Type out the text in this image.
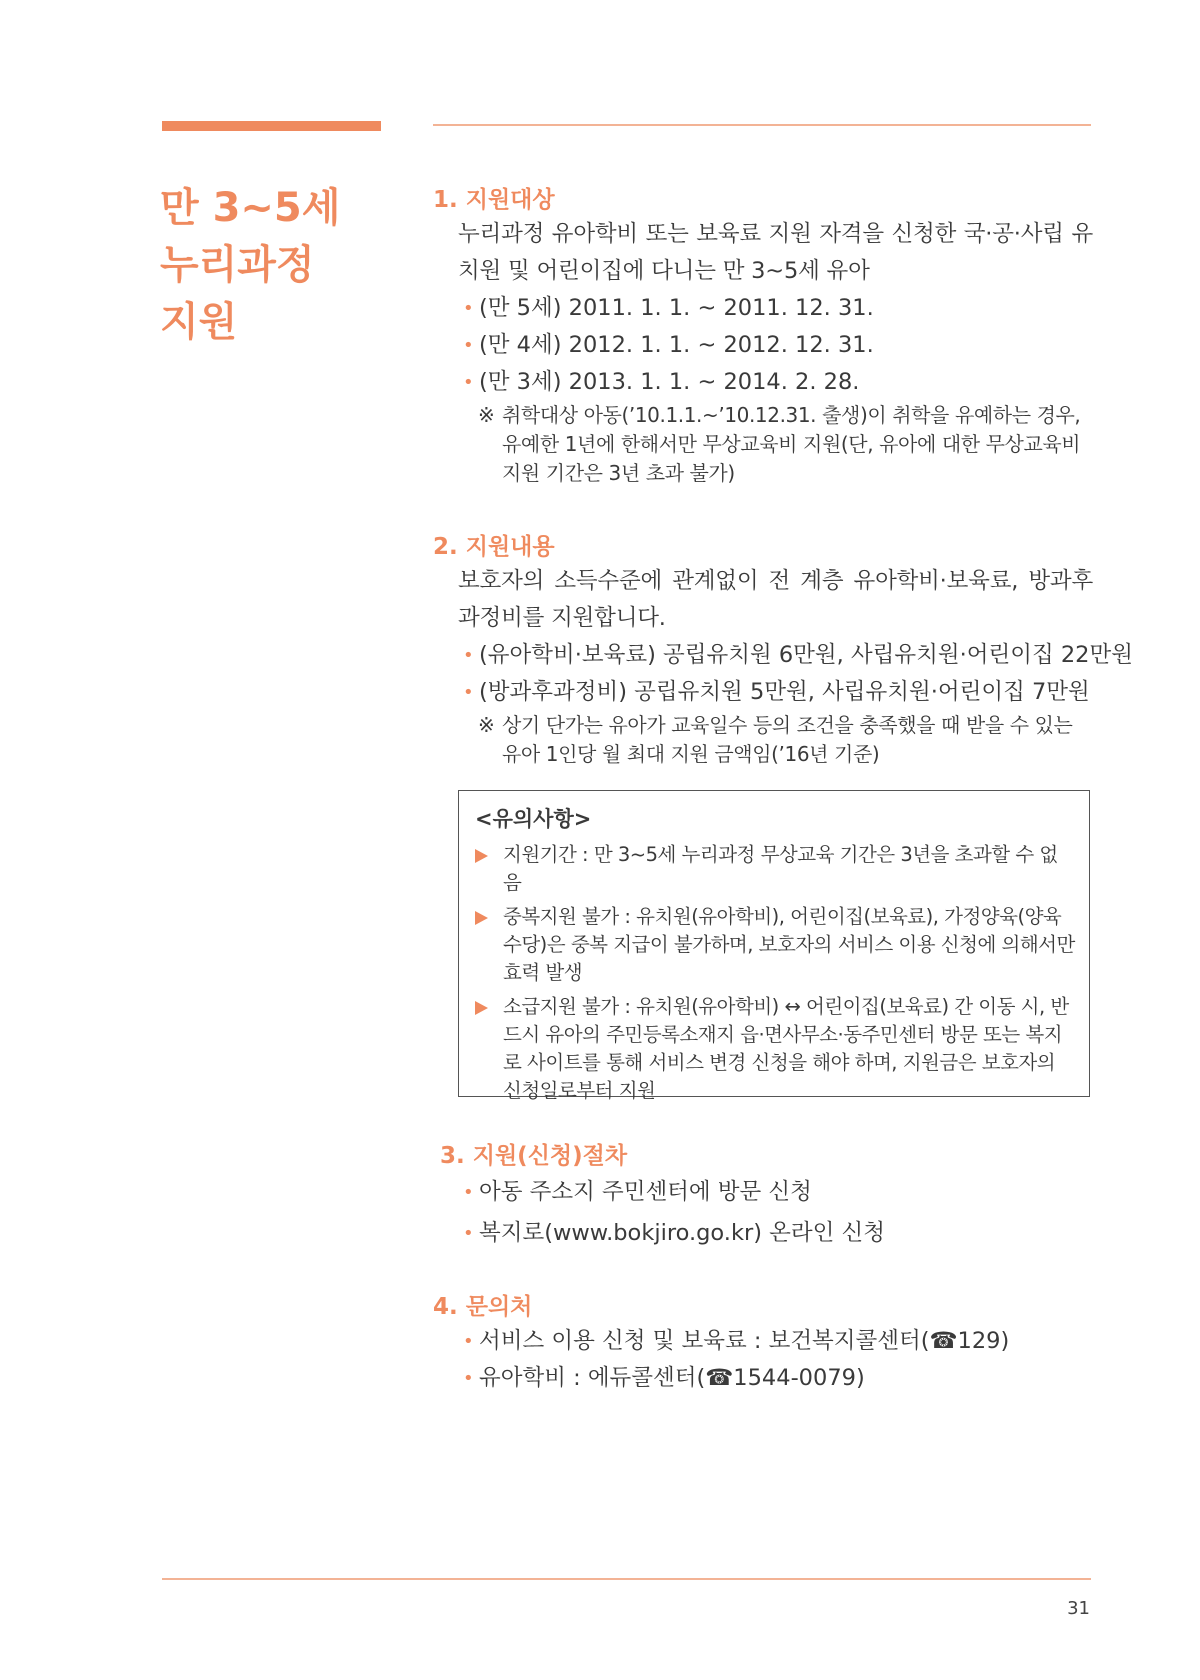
만 3~5세
누리과정
지원
1. 지원대상
누리과정 유아학비 또는 보육료 지원 자격을 신청한 국·공·사립 유치원 및 어린이집에 다니는 만 3~5세 유아
• (만 5세) 2011. 1. 1. ~ 2011. 12. 31.
• (만 4세) 2012. 1. 1. ~ 2012. 12. 31.
• (만 3세) 2013. 1. 1. ~ 2014. 2. 28.
※ 취학대상 아동(’10.1.1.~’10.12.31. 출생)이 취학을 유예하는 경우, 유예한 1년에 한해서만 무상교육비 지원(단, 유아에 대한 무상교육비 지원 기간은 3년 초과 불가)
2. 지원내용
보호자의 소득수준에 관계없이 전 계층 유아학비·보육료, 방과후 과정비를 지원합니다.
• (유아학비·보육료) 공립유치원 6만원, 사립유치원·어린이집 22만원
• (방과후과정비) 공립유치원 5만원, 사립유치원·어린이집 7만원
※ 상기 단가는 유아가 교육일수 등의 조건을 충족했을 때 받을 수 있는 유아 1인당 월 최대 지원 금액임(’16년 기준)
<유의사항>
지원기간 : 만 3~5세 누리과정 무상교육 기간은 3년을 초과할 수 없음
중복지원 불가 : 유치원(유아학비), 어린이집(보육료), 가정양육(양육수당)은 중복 지급이 불가하며, 보호자의 서비스 이용 신청에 의해서만 효력 발생
소급지원 불가 : 유치원(유아학비) ↔ 어린이집(보육료) 간 이동 시, 반드시 유아의 주민등록소재지 읍·면사무소·동주민센터 방문 또는 복지로 사이트를 통해 서비스 변경 신청을 해야 하며, 지원금은 보호자의 신청일로부터 지원
3. 지원(신청)절차
• 아동 주소지 주민센터에 방문 신청
• 복지로(www.bokjiro.go.kr) 온라인 신청
4. 문의처
• 서비스 이용 신청 및 보육료 : 보건복지콜센터(☎129)
• 유아학비 : 에듀콜센터(☎1544-0079)
31
